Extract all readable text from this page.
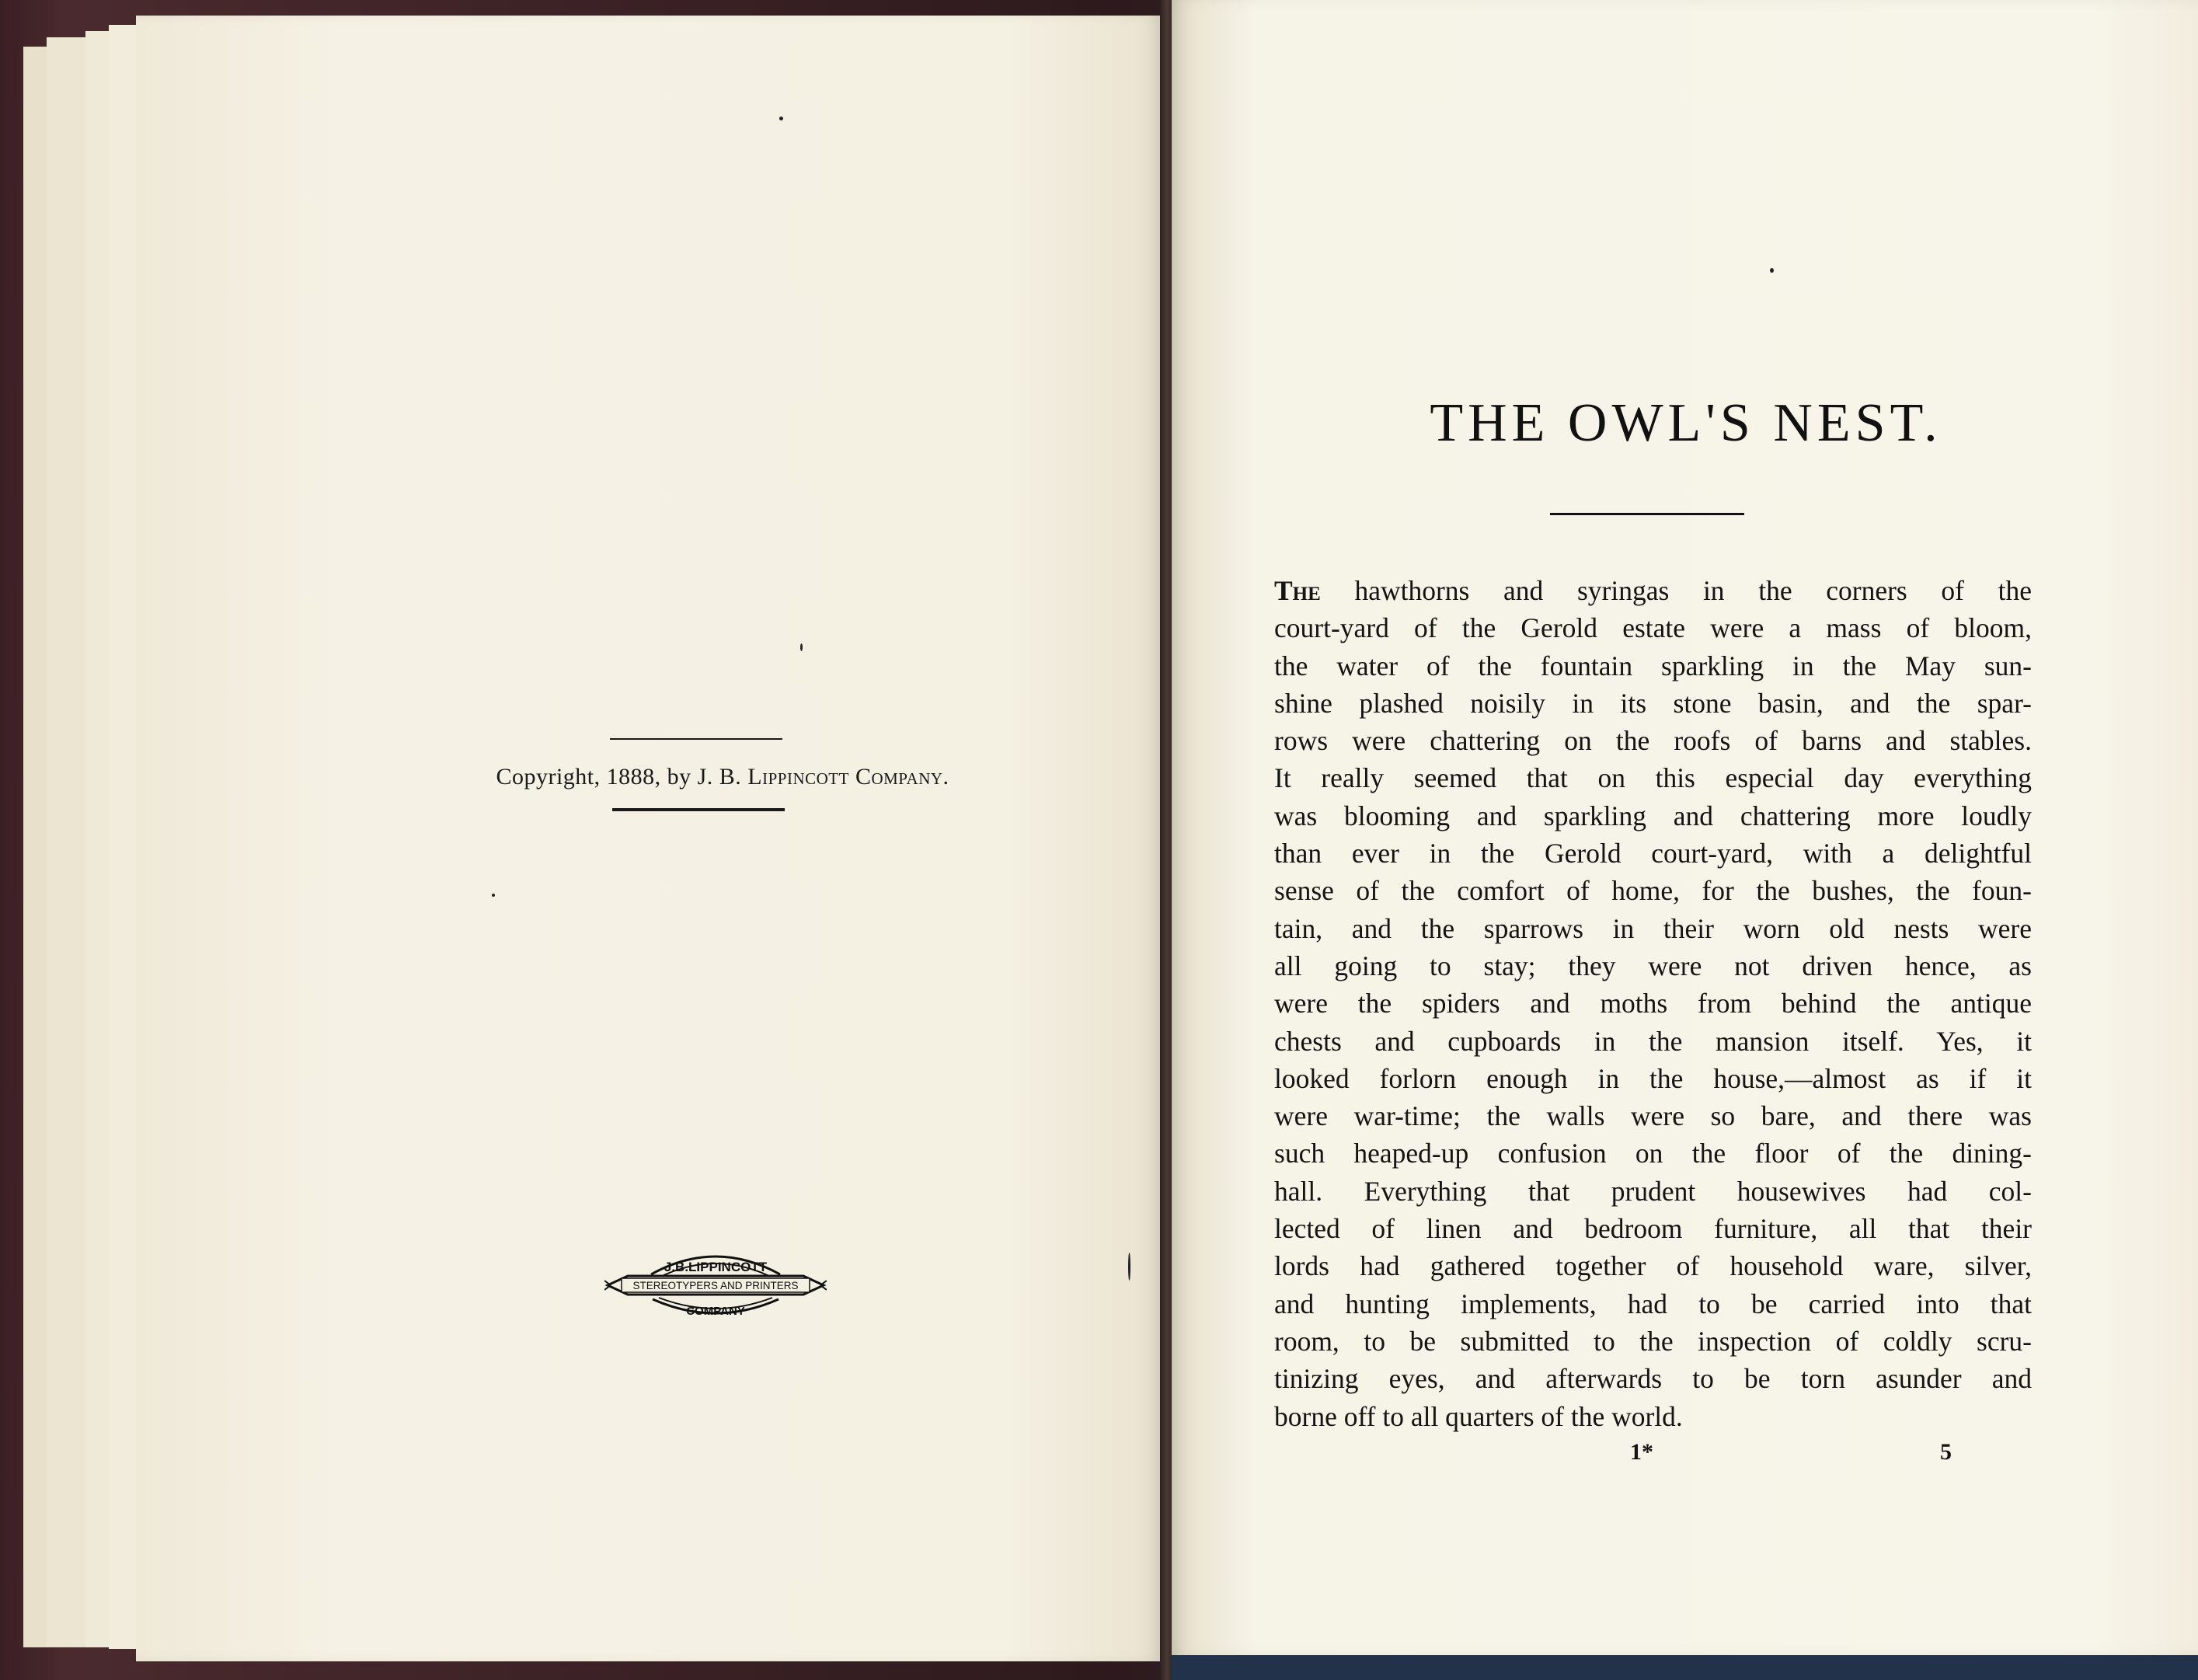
Copyright, 1888, by J. B. Lippincott Company.
J.B.LIPPINCOTT
STEREOTYPERS AND PRINTERS
COMPANY
THE OWL'S NEST.
The hawthorns and syringas in the corners of the
court-yard of the Gerold estate were a mass of bloom,
the water of the fountain sparkling in the May sun-
shine plashed noisily in its stone basin, and the spar-
rows were chattering on the roofs of barns and stables.
It really seemed that on this especial day everything
was blooming and sparkling and chattering more loudly
than ever in the Gerold court-yard, with a delightful
sense of the comfort of home, for the bushes, the foun-
tain, and the sparrows in their worn old nests were
all going to stay; they were not driven hence, as
were the spiders and moths from behind the antique
chests and cupboards in the mansion itself. Yes, it
looked forlorn enough in the house,—almost as if it
were war-time; the walls were so bare, and there was
such heaped-up confusion on the floor of the dining-
hall. Everything that prudent housewives had col-
lected of linen and bedroom furniture, all that their
lords had gathered together of household ware, silver,
and hunting implements, had to be carried into that
room, to be submitted to the inspection of coldly scru-
tinizing eyes, and afterwards to be torn asunder and
borne off to all quarters of the world.
1*	5
